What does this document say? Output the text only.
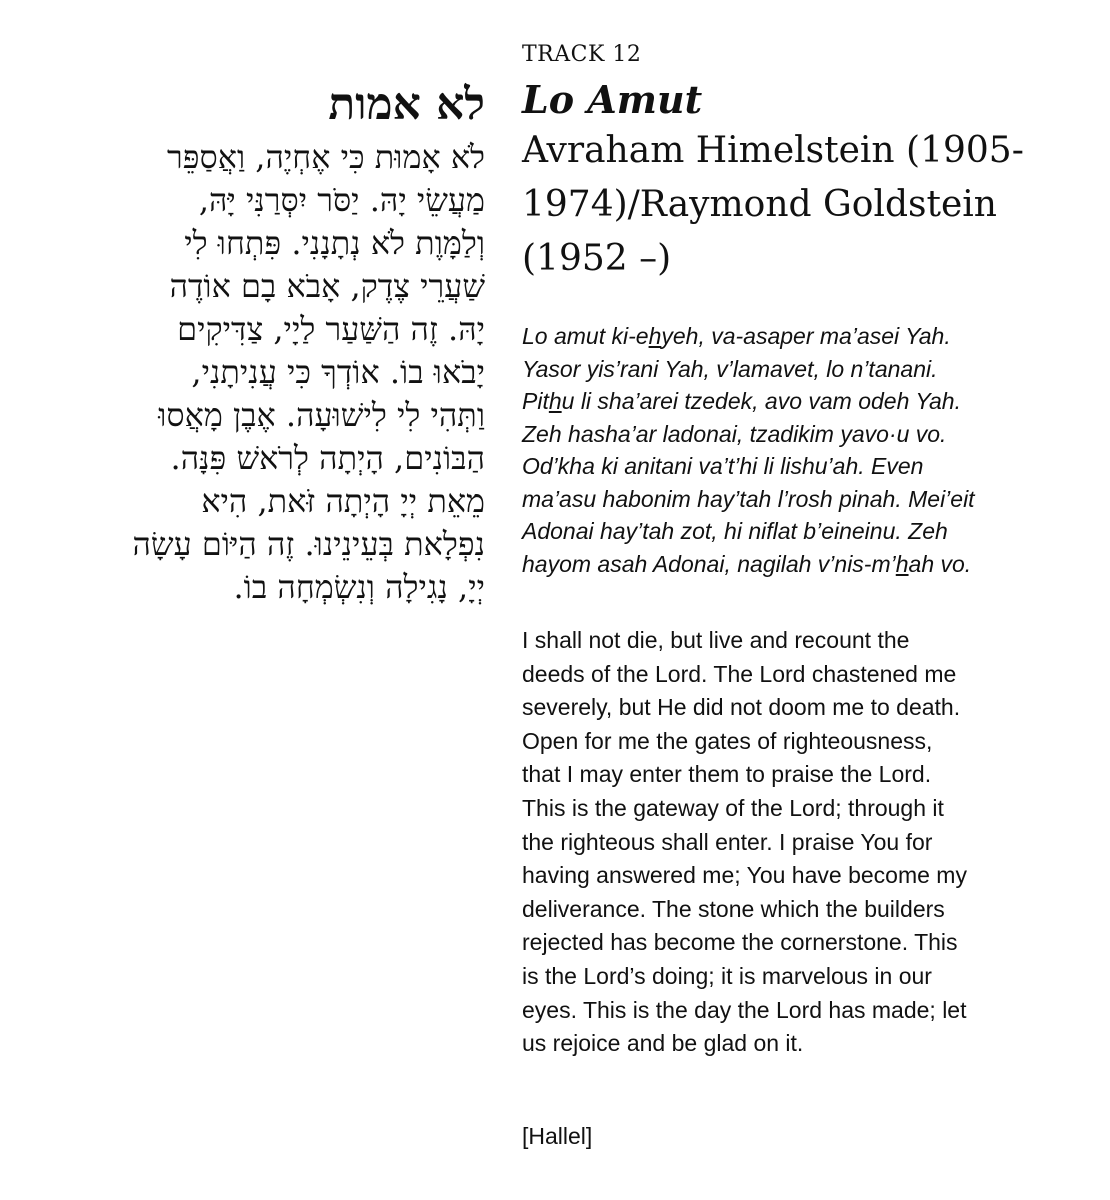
לא אמות
לֹא אָמוּת כִּי אֶחְיֶה, וַאֲסַפֵּר
מַעֲשֵׂי יָהּ. יַסֹּר יִסְּרַנִּי יָּהּ,
וְלַמָּוֶת לֹא נְתָנָנִי. פִּתְחוּ לִי
שַׁעֲרֵי צֶדֶק, אָבֹא בָם אוֹדֶה
יָהּ. זֶה הַשַּׁעַר לַיָי, צַדִּיקִים
יָבֹאוּ בוֹ. אוֹדְךָ כִּי עֲנִיתָנִי,
וַתְּהִי לִי לִישׁוּעָה. אֶבֶן מָאֲסוּ
הַבּוֹנִים, הָיְתָה לְרֹאשׁ פִּנָּה.
מֵאֵת יְיָ הָיְתָה זֹּאת, הִיא
נִפְלָאת בְּעֵינֵינוּ. זֶה הַיּוֹם עָשָׂה
יְיָ, נָגִילָה וְנִשְׂמְחָה בוֹ.
TRACK 12
Lo Amut
Avraham Himelstein (1905-
1974)/Raymond Goldstein
(1952 –)
Lo amut ki-ehyeh, va-asaper ma’asei Yah.
Yasor yis’rani Yah, v’lamavet, lo n’tanani.
Pithu li sha’arei tzedek, avo vam odeh Yah.
Zeh hasha’ar ladonai, tzadikim yavo·u vo.
Od’kha ki anitani va’t’hi li lishu’ah. Even
ma’asu habonim hay’tah l’rosh pinah. Mei’eit
Adonai hay’tah zot, hi niflat b’eineinu. Zeh
hayom asah Adonai, nagilah v’nis-m’hah vo.
I shall not die, but live and recount the
deeds of the Lord. The Lord chastened me
severely, but He did not doom me to death.
Open for me the gates of righteousness,
that I may enter them to praise the Lord.
This is the gateway of the Lord; through it
the righteous shall enter. I praise You for
having answered me; You have become my
deliverance. The stone which the builders
rejected has become the cornerstone. This
is the Lord’s doing; it is marvelous in our
eyes. This is the day the Lord has made; let
us rejoice and be glad on it.
[Hallel]
